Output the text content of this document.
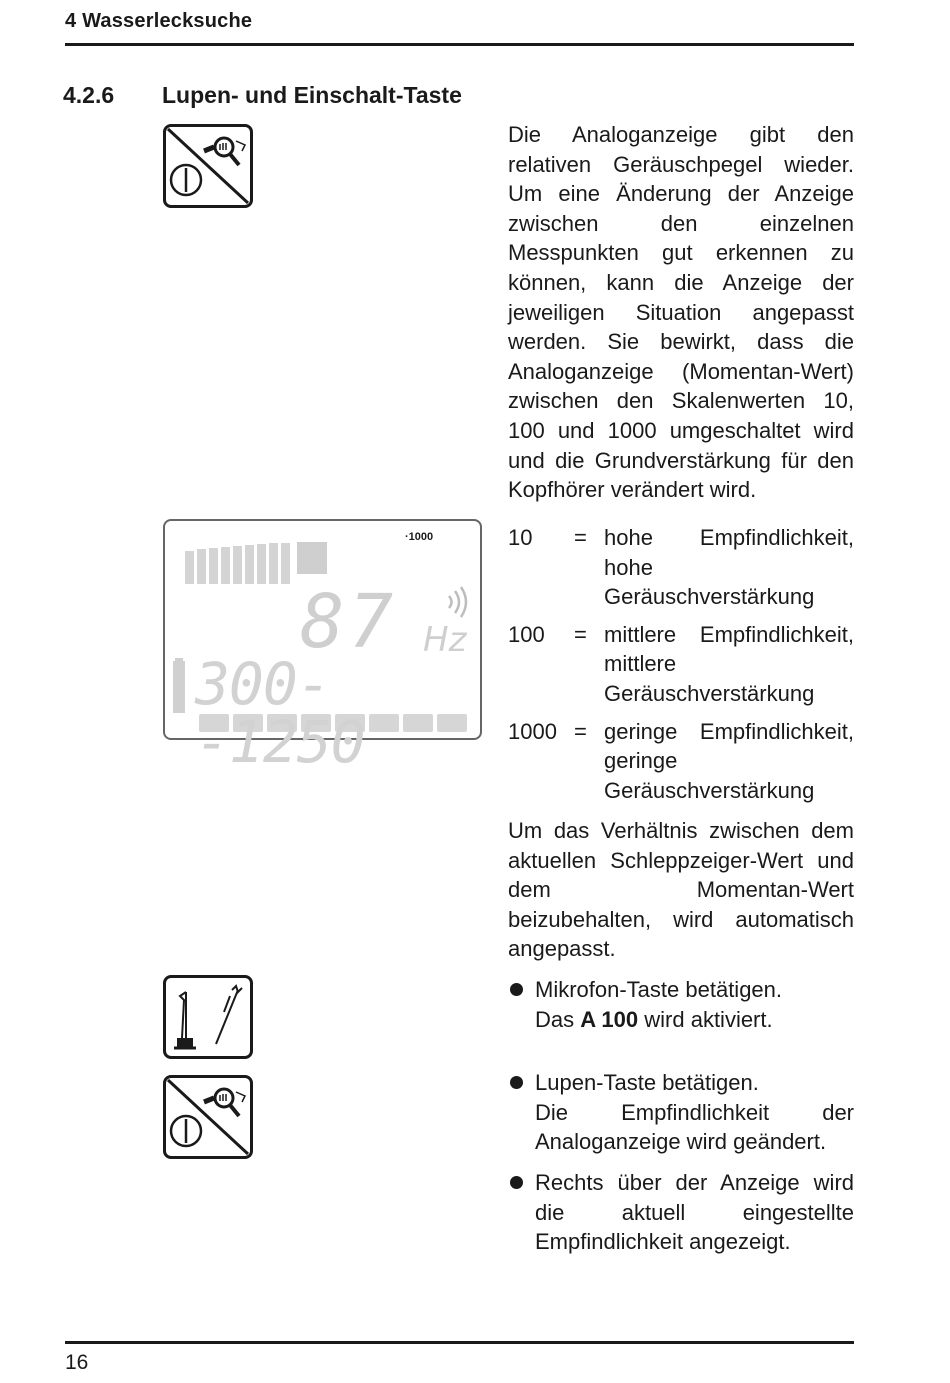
4 Wasserlecksuche
4.2.6 Lupen- und Einschalt-Taste
Die Analoganzeige gibt den relativen Geräuschpegel wieder. Um eine Änderung der Anzeige zwischen den einzelnen Messpunkten gut erkennen zu können, kann die Anzeige der jeweiligen Situation angepasst werden. Sie bewirkt, dass die Analoganzeige (Momentan-Wert) zwischen den Skalenwerten 10, 100 und 1000 umgeschaltet wird und die Grundverstärkung für den Kopfhörer verändert wird.
·1000
87 Hz
300--1250
10	= hohe Empfindlichkeit, hohe Geräuschverstärkung
100	= mittlere Empfindlichkeit, mittlere Geräuschverstärkung
1000 = geringe Empfindlichkeit, geringe Geräuschverstärkung
Um das Verhältnis zwischen dem aktuellen Schleppzeiger-Wert und dem Momentan-Wert beizubehalten, wird automatisch angepasst.
Mikrofon-Taste betätigen.
Das A 100 wird aktiviert.
Lupen-Taste betätigen.
Die Empfindlichkeit der Analoganzeige wird geändert.
Rechts über der Anzeige wird die aktuell eingestellte Empfindlichkeit angezeigt.
16
